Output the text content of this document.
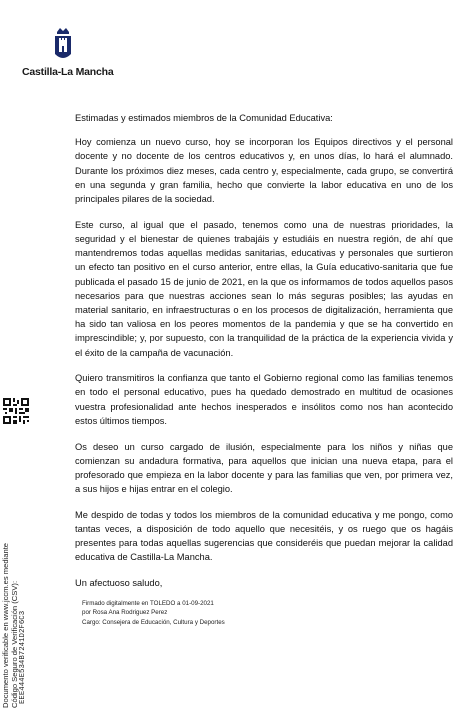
Castilla-La Mancha
Documento verificable en www.jccm.es mediante Código Seguro de Verificación (CSV): EEE444E534B7241D2F6C3

Estimadas y estimados miembros de la Comunidad Educativa:

Hoy comienza un nuevo curso, hoy se incorporan los Equipos directivos y el personal docente y no docente de los centros educativos y, en unos días, lo hará el alumnado. Durante los próximos diez meses, cada centro y, especialmente, cada grupo, se convertirá en una segunda y gran familia, hecho que convierte la labor educativa en uno de los principales pilares de la sociedad.

Este curso, al igual que el pasado, tenemos como una de nuestras prioridades, la seguridad y el bienestar de quienes trabajáis y estudiáis en nuestra región, de ahí que mantendremos todas aquellas medidas sanitarias, educativas y personales que surtieron un efecto tan positivo en el curso anterior, entre ellas, la Guía educativo-sanitaria que fue publicada el pasado 15 de junio de 2021, en la que os informamos de todos aquellos pasos necesarios para que nuestras acciones sean lo más seguras posibles; las ayudas en material sanitario, en infraestructuras o en los procesos de digitalización, herramienta que ha sido tan valiosa en los peores momentos de la pandemia y que se ha convertido en imprescindible; y, por supuesto, con la tranquilidad de la práctica de la experiencia vivida y el éxito de la campaña de vacunación.

Quiero transmitiros la confianza que tanto el Gobierno regional como las familias tenemos en todo el personal educativo, pues ha quedado demostrado en multitud de ocasiones vuestra profesionalidad ante hechos inesperados e insólitos como nos han acontecido estos últimos tiempos.

Os deseo un curso cargado de ilusión, especialmente para los niños y niñas que comienzan su andadura formativa, para aquellos que inician una nueva etapa, para el profesorado que empieza en la labor docente y para las familias que ven, por primera vez, a sus hijos e hijas entrar en el colegio.

Me despido de todas y todos los miembros de la comunidad educativa y me pongo, como tantas veces, a disposición de todo aquello que necesitéis, y os ruego que os hagáis presentes para todas aquellas sugerencias que consideréis que puedan mejorar la calidad educativa de Castilla-La Mancha.

Un afectuoso saludo,

Firmado digitalmente en TOLEDO a 01-09-2021
por Rosa Ana Rodriguez Perez
Cargo: Consejera de Educación, Cultura y Deportes
